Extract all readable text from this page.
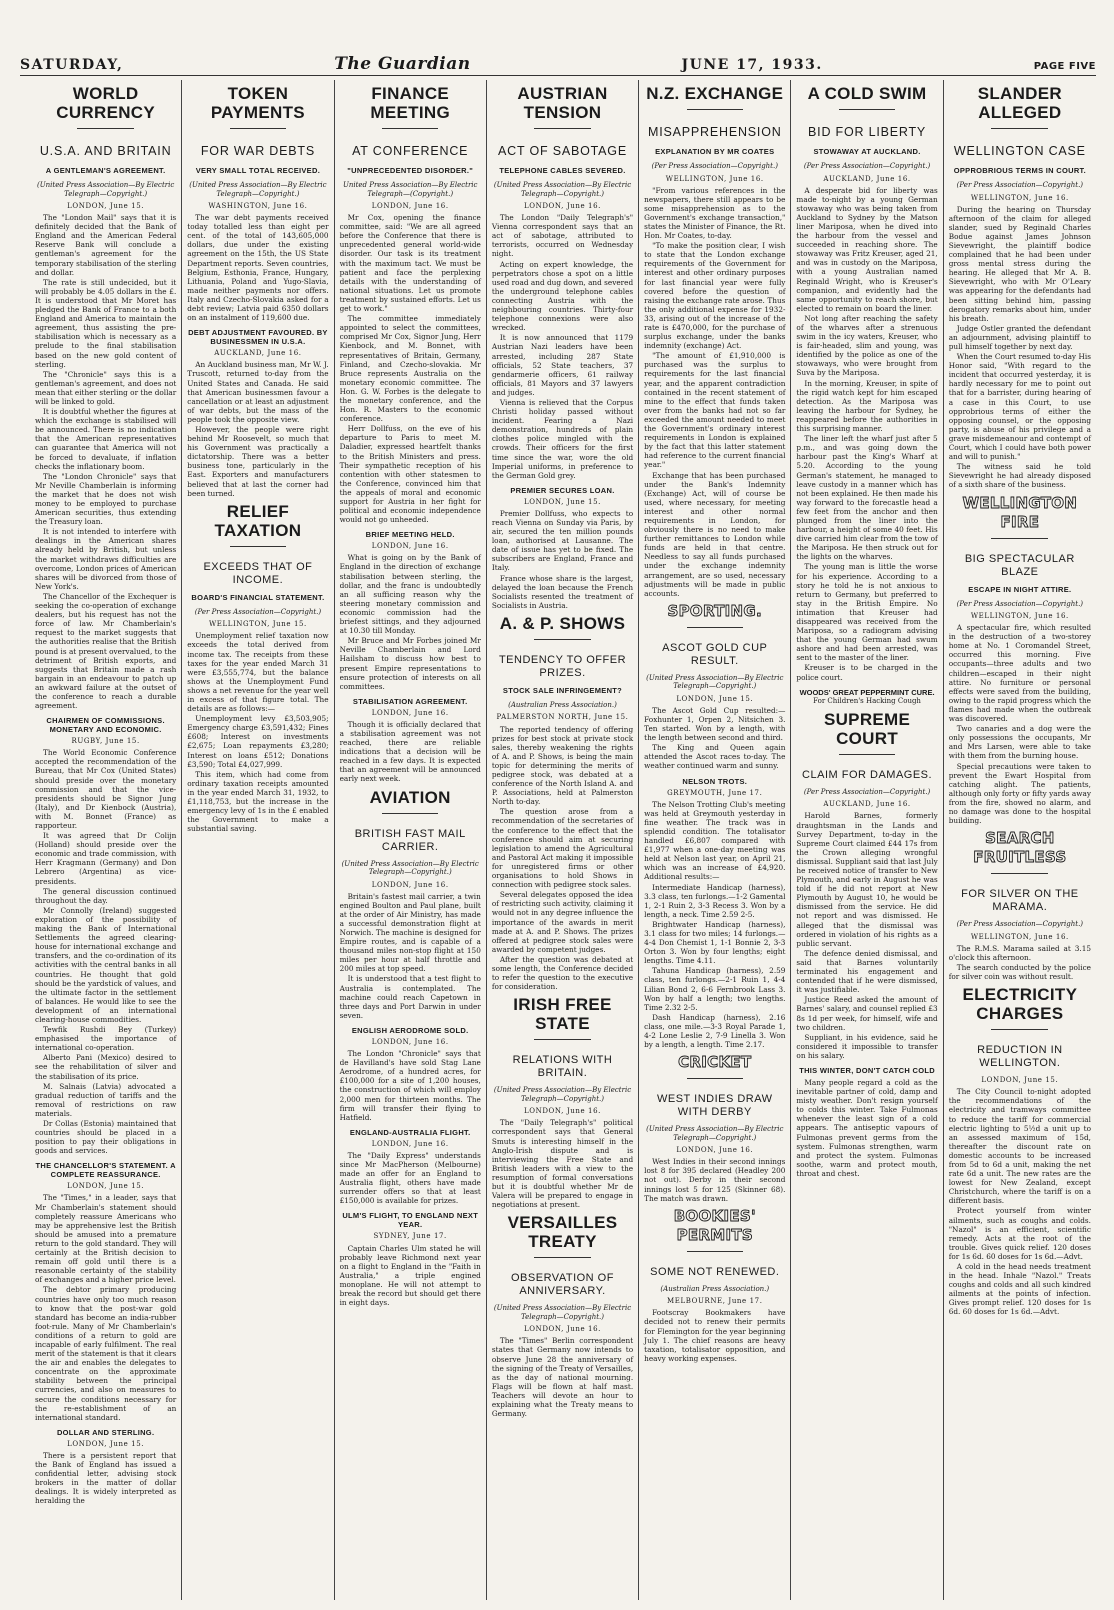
SATURDAY,	The Guardian	JUNE 17, 1933.	PAGE FIVE
WORLD CURRENCY
U.S.A. AND BRITAIN
A GENTLEMAN'S AGREEMENT.
(United Press Association—By Electric Telegraph—Copyright.)
LONDON, June 15.

The "London Mail" says that it is definitely decided that the Bank of England and the American Federal Reserve Bank will conclude a gentleman's agreement for the temporary stabilisation of the sterling and dollar.

The rate is still undecided, but it will probably be 4.05 dollars in the £. It is understood that Mr Moret has pledged the Bank of France to a both England and America to maintain the agreement, thus assisting the pre-stabilisation which is necessary as a prelude to the final stabilisation based on the new gold content of sterling.

The "Chronicle" says this is a gentleman's agreement, and does not mean that either sterling or the dollar will be linked to gold.

It is doubtful whether the figures at which the exchange is stabilised will be announced. There is no indication that the American representatives can guarantee that America will not be forced to devaluate, if inflation checks the inflationary boom.

The "London Chronicle" says that Mr Neville Chamberlain is informing the market that he does not wish money to be employed to purchase American securities, thus extending the Treasury loan.

It is not intended to interfere with dealings in the American shares already held by British, but unless the market withdraws difficulties are overcome, London prices of American shares will be divorced from those of New York's.

The Chancellor of the Exchequer is seeking the co-operation of exchange dealers, but his request has not the force of law. Mr Chamberlain's request to the market suggests that the authorities realise that the British pound is at present overvalued, to the detriment of British exports, and suggests that Britain made a rash bargain in an endeavour to patch up an awkward failure at the outset of the conference to reach a durable agreement.

CHAIRMEN OF COMMISSIONS. MONETARY AND ECONOMIC.
RUGBY, June 15.

The World Economic Conference accepted the recommendation of the Bureau, that Mr Cox (United States) should preside over the monetary commission and that the vice-presidents should be Signor Jung (Italy), and Dr Kienbock (Austria), with M. Bonnet (France) as rapporteur.

It was agreed that Dr Colijn (Holland) should preside over the economic and trade commission, with Herr Kragmann (Germany) and Don Lebrero (Argentina) as vice-presidents.

The general discussion continued throughout the day.

Mr Connolly (Ireland) suggested exploration of the possibility of making the Bank of International Settlements the agreed clearing-house for international exchange and transfers, and the co-ordination of its activities with the central banks in all countries. He thought that gold should be the yardstick of values, and the ultimate factor in the settlement of balances. He would like to see the development of an international clearing-house commodities.

Tewfik Rushdi Bey (Turkey) emphasised the importance of international co-operation.

Alberto Pani (Mexico) desired to see the rehabilitation of silver and the stabilisation of its price.

M. Salnais (Latvia) advocated a gradual reduction of tariffs and the removal of restrictions on raw materials.

Dr Collas (Estonia) maintained that countries should be placed in a position to pay their obligations in goods and services.

THE CHANCELLOR'S STATEMENT. A COMPLETE REASSURANCE.
LONDON, June 15.

The "Times," in a leader, says that Mr Chamberlain's statement should completely reassure Americans who may be apprehensive lest the British should be amused into a premature return to the gold standard. They will certainly at the British decision to remain off gold until there is a reasonable certainty of the stability of exchanges and a higher price level.

The debtor primary producing countries have only too much reason to know that the post-war gold standard has become an india-rubber foot-rule. Many of Mr Chamberlain's conditions of a return to gold are incapable of early fulfilment. The real merit of the statement is that it clears the air and enables the delegates to concentrate on the approximate stability between the principal currencies, and also on measures to secure the conditions necessary for the re-establishment of an international standard.

DOLLAR AND STERLING.
LONDON, June 15.

There is a persistent report that the Bank of England has issued a confidential letter, advising stock brokers in the matter of dollar dealings. It is widely interpreted as heralding the

TOKEN PAYMENTS
FOR WAR DEBTS
VERY SMALL TOTAL RECEIVED.
(United Press Association—By Electric Telegraph—Copyright.)
WASHINGTON, June 16.

The war debt payments received today totalled less than eight per cent. of the total of 143,605,000 dollars, due under the existing agreement on the 15th, the US State Department reports. Seven countries, Belgium, Esthonia, France, Hungary, Lithuania, Poland and Yugo-Slavia, made neither payments nor offers. Italy and Czecho-Slovakia asked for a debt review; Latvia paid 6350 dollars on an instalment of 119,600 due.

DEBT ADJUSTMENT FAVOURED. BY BUSINESSMEN IN U.S.A.
AUCKLAND, June 16.

An Auckland business man, Mr W. J. Truscott, returned to-day from the United States and Canada. He said that American businessmen favour a cancellation or at least an adjustment of war debts, but the mass of the people took the opposite view.

However, the people were right behind Mr Roosevelt, so much that his Government was practically a dictatorship. There was a better business tone, particularly in the East. Exporters and manufacturers believed that at last the corner had been turned.

RELIEF TAXATION
EXCEEDS THAT OF INCOME.
BOARD'S FINANCIAL STATEMENT.
(Per Press Association—Copyright.)
WELLINGTON, June 15.

Unemployment relief taxation now exceeds the total derived from income tax. The receipts from these taxes for the year ended March 31 were £3,555,774, but the balance shows at the Unemployment Fund shows a net revenue for the year well in excess of that figure total. The details are as follows:—

Unemployment levy £3,503,905; Emergency charge £3,591,432; Fines £608; Interest on investments £2,675; Loan repayments £3,280; Interest on loans £512; Donations £3,590; Total £4,027,999.

This item, which had come from ordinary taxation receipts amounted in the year ended March 31, 1932, to £1,118,753, but the increase in the emergency levy of 1s in the £ enabled the Government to make a substantial saving.

FINANCE MEETING
AT CONFERENCE
"UNPRECEDENTED DISORDER."
United Press Association—By Electric Telegraph—(Copyright.)
LONDON, June 16.

Mr Cox, opening the finance committee, said: "We are all agreed before the Conference that there is unprecedented general world-wide disorder. Our task is its treatment with the maximum tact. We must be patient and face the perplexing details with the understanding of national situations. Let us promote treatment by sustained efforts. Let us get to work."

The committee immediately appointed to select the committees, comprised Mr Cox, Signor Jung, Herr Kienbock, and M. Bonnet, with representatives of Britain, Germany, Finland, and Czecho-slovakia. Mr Bruce represents Australia on the monetary economic committee. The Hon. G. W. Forbes is the delegate to the monetary conference, and the Hon. R. Masters to the economic conference.

Herr Dollfuss, on the eve of his departure to Paris to meet M. Daladier, expressed heartfelt thanks to the British Ministers and press. Their sympathetic reception of his contention with other statesmen to the Conference, convinced him that the appeals of moral and economic support for Austria in her fight for political and economic independence would not go unheeded.

BRIEF MEETING HELD.
LONDON, June 16.

What is going on by the Bank of England in the direction of exchange stabilisation between sterling, the dollar, and the franc is undoubtedly an all sufficing reason why the steering monetary commission and economic commission had the briefest sittings, and they adjourned at 10.30 till Monday.

Mr Bruce and Mr Forbes joined Mr Neville Chamberlain and Lord Hailsham to discuss how best to present Empire representations to ensure protection of interests on all committees.

STABILISATION AGREEMENT.
LONDON, June 16.

Though it is officially declared that a stabilisation agreement was not reached, there are reliable indications that a decision will be reached in a few days. It is expected that an agreement will be announced early next week.

AVIATION
BRITISH FAST MAIL CARRIER.
(United Press Association—By Electric Telegraph—Copyright.)
LONDON, June 16.

Britain's fastest mail carrier, a twin engined Boulton and Paul plane, built at the order of Air Ministry, has made a successful demonstration flight at Norwich. The machine is designed for Empire routes, and is capable of a thousand miles non-stop flight at 150 miles per hour at half throttle and 200 miles at top speed.

It is understood that a test flight to Australia is contemplated. The machine could reach Capetown in three days and Port Darwin in under seven.

ENGLISH AERODROME SOLD.
LONDON, June 16.

The London "Chronicle" says that de Havilland's have sold Stag Lane Aerodrome, of a hundred acres, for £100,000 for a site of 1,200 houses, the construction of which will employ 2,000 men for thirteen months. The firm will transfer their flying to Hatfield.

ENGLAND-AUSTRALIA FLIGHT.
LONDON, June 16.

The "Daily Express" understands since Mr MacPherson (Melbourne) made an offer for an England to Australia flight, others have made surrender offers so that at least £150,000 is available for prizes.

ULM'S FLIGHT, TO ENGLAND NEXT YEAR.
SYDNEY, June 17.

Captain Charles Ulm stated he will probably leave Richmond next year on a flight to England in the "Faith in Australia," a triple engined monoplane. He will not attempt to break the record but should get there in eight days.

AUSTRIAN TENSION
ACT OF SABOTAGE
TELEPHONE CABLES SEVERED.
(United Press Association—By Electric Telegraph—Copyright.)
LONDON, June 16.

The London "Daily Telegraph's" Vienna correspondent says that an act of sabotage, attributed to terrorists, occurred on Wednesday night.

Acting on expert knowledge, the perpetrators chose a spot on a little used road and dug down, and severed the underground telephone cables connecting Austria with the neighbouring countries. Thirty-four telephone connexions were also wrecked.

It is now announced that 1179 Austrian Nazi leaders have been arrested, including 287 State officials, 52 State teachers, 37 gendarmerie officers, 61 railway officials, 81 Mayors and 37 lawyers and judges.

Vienna is relieved that the Corpus Christi holiday passed without incident. Fearing a Nazi demonstration, hundreds of plain clothes police mingled with the crowds. Their officers for the first time since the war, wore the old Imperial uniforms, in preference to the German Gold grey.

PREMIER SECURES LOAN.
LONDON, June 15.

Premier Dollfuss, who expects to reach Vienna on Sunday via Paris, by air, secured the ten million pounds loan, authorised at Lausanne. The date of issue has yet to be fixed. The subscribers are England, France and Italy.

France whose share is the largest, delayed the loan because the French Socialists resented the treatment of Socialists in Austria.

A. & P. SHOWS
TENDENCY TO OFFER PRIZES.
STOCK SALE INFRINGEMENT?
(Australian Press Association.)
PALMERSTON NORTH, June 15.

The reported tendency of offering prizes for best stock at private stock sales, thereby weakening the rights of A. and P. Shows, is being the main topic for determining the merits of pedigree stock, was debated at a conference of the North Island A. and P. Associations, held at Palmerston North to-day.

The question arose from a recommendation of the secretaries of the conference to the effect that the conference should aim at securing legislation to amend the Agricultural and Pastoral Act making it impossible for unregistered firms or other organisations to hold Shows in connection with pedigree stock sales.

Several delegates opposed the idea of restricting such activity, claiming it would not in any degree influence the importance of the awards in merit made at A. and P. Shows. The prizes offered at pedigree stock sales were awarded by competent judges.

After the question was debated at some length, the Conference decided to refer the question to the executive for consideration.

IRISH FREE STATE
RELATIONS WITH BRITAIN.
(United Press Association—By Electric Telegraph—Copyright.)
LONDON, June 16.

The "Daily Telegraph's" political correspondent says that General Smuts is interesting himself in the Anglo-Irish dispute and is interviewing the Free State and British leaders with a view to the resumption of formal conversations but it is doubtful whether Mr de Valera will be prepared to engage in negotiations at present.

VERSAILLES TREATY
OBSERVATION OF ANNIVERSARY.
(United Press Association—By Electric Telegraph—Copyright.)
LONDON, June 16.

The "Times" Berlin correspondent states that Germany now intends to observe June 28 the anniversary of the signing of the Treaty of Versailles, as the day of national mourning. Flags will be flown at half mast. Teachers will devote an hour to explaining what the Treaty means to Germany.

N.Z. EXCHANGE
MISAPPREHENSION
EXPLANATION BY MR COATES
(Per Press Association—Copyright.)
WELLINGTON, June 16.

"From various references in the newspapers, there still appears to be some misapprehension as to the Government's exchange transaction," states the Minister of Finance, the Rt. Hon. Mr Coates, to-day.

"To make the position clear, I wish to state that the London exchange requirements of the Government for interest and other ordinary purposes for last financial year were fully covered before the question of raising the exchange rate arose. Thus the only additional expense for 1932-33, arising out of the increase of the rate is £470,000, for the purchase of surplus exchange, under the banks indemnity (exchange) Act.

"The amount of £1,910,000 is purchased was the surplus to requirements for the last financial year, and the apparent contradiction contained in the recent statement of mine to the effect that funds taken over from the banks had not so far exceeded the amount needed to meet the Government's ordinary interest requirements in London is explained by the fact that this latter statement had reference to the current financial year."

Exchange that has been purchased under the Bank's Indemnity (Exchange) Act, will of course be used, where necessary, for meeting interest and other normal requirements in London, for obviously there is no need to make further remittances to London while funds are held in that centre. Needless to say all funds purchased under the exchange indemnity arrangement, are so used, necessary adjustments will be made in public accounts.

SPORTING.
ASCOT GOLD CUP RESULT.
(United Press Association—By Electric Telegraph—Copyright.)
LONDON, June 15.

The Ascot Gold Cup resulted:—Foxhunter 1, Orpen 2, Nitsichen 3. Ten started. Won by a length, with the length between second and third.

The King and Queen again attended the Ascot races to-day. The weather continued warm and sunny.

NELSON TROTS.
GREYMOUTH, June 17.

The Nelson Trotting Club's meeting was held at Greymouth yesterday in fine weather. The track was in splendid condition. The totalisator handled £6,807 compared with £1,977 when a one-day meeting was held at Nelson last year, on April 21, which was an increase of £4,920. Additional results:—

Intermediate Handicap (harness), 3.3 class, ten furlongs.—1-2 Gamental 1, 2-1 Ruin 2, 3-3 Recess 3. Won by a length, a neck. Time 2.59 2-5.

Brightwater Handicap (harness), 3.1 class for two miles; 14 furlongs.—4-4 Don Chemist 1, 1-1 Bonnie 2, 3-3 Orton 3. Won by four lengths; eight lengths. Time 4.11.

Tahuna Handicap (harness), 2.59 class, ten furlongs.—2-1 Ruin 1, 4-4 Lilian Bond 2, 6-6 Fernbrook Lass 3. Won by half a length; two lengths. Time 2.32 2-5.

Dash Handicap (harness), 2.16 class, one mile.—3-3 Royal Parade 1, 4-2 Lone Leslie 2, 7-9 Linella 3. Won by a length, a length. Time 2.17.

CRICKET
WEST INDIES DRAW WITH DERBY
(United Press Association—By Electric Telegraph—Copyright.)
LONDON, June 16.

West Indies in their second innings lost 8 for 395 declared (Headley 200 not out). Derby in their second innings lost 5 for 125 (Skinner 68). The match was drawn.

BOOKIES' PERMITS
SOME NOT RENEWED.
(Australian Press Association.)
MELBOURNE, June 17.

Footscray Bookmakers have decided not to renew their permits for Flemington for the year beginning July 1. The chief reasons are heavy taxation, totalisator opposition, and heavy working expenses.

A COLD SWIM
BID FOR LIBERTY
STOWAWAY AT AUCKLAND.
(Per Press Association—Copyright.)
AUCKLAND, June 16.

A desperate bid for liberty was made to-night by a young German stowaway who was being taken from Auckland to Sydney by the Matson liner Mariposa, when he dived into the harbour from the vessel and succeeded in reaching shore. The stowaway was Fritz Kreuser, aged 21, and was in custody on the Mariposa, with a young Australian named Reginald Wright, who is Kreuser's companion, and evidently had the same opportunity to reach shore, but elected to remain on board the liner.

Not long after reaching the safety of the wharves after a strenuous swim in the icy waters, Kreuser, who is fair-headed, slim and young, was identified by the police as one of the stowaways, who were brought from Suva by the Mariposa.

In the morning, Kreuser, in spite of the rigid watch kept for him escaped detection. As the Mariposa was leaving the harbour for Sydney, he reappeared before the authorities in this surprising manner.

The liner left the wharf just after 5 p.m., and was going down the harbour past the King's Wharf at 5.20. According to the young German's statement, he managed to leave custody in a manner which has not been explained. He then made his way forward to the forecastle head a few feet from the anchor and then plunged from the liner into the harbour, a height of some 40 feet. His dive carried him clear from the tow of the Mariposa. He then struck out for the lights on the wharves.

The young man is little the worse for his experience. According to a story he told he is not anxious to return to Germany, but preferred to stay in the British Empire. No intimation that Kreuser had disappeared was received from the Mariposa, so a radiogram advising that the young German had swum ashore and had been arrested, was sent to the master of the liner.

Kreuser is to be charged in the police court.

WOODS' GREAT PEPPERMINT CURE.
For Children's Hacking Cough
SUPREME COURT
CLAIM FOR DAMAGES.
(Per Press Association—Copyright.)
AUCKLAND, June 16.

Harold Barnes, formerly draughtsman in the Lands and Survey Department, to-day in the Supreme Court claimed £44 17s from the Crown alleging wrongful dismissal. Suppliant said that last July he received notice of transfer to New Plymouth, and early in August he was told if he did not report at New Plymouth by August 10, he would be dismissed from the service. He did not report and was dismissed. He alleged that the dismissal was ordered in violation of his rights as a public servant.

The defence denied dismissal, and said that Barnes voluntarily terminated his engagement and contended that if he were dismissed, it was justifiable.

Justice Reed asked the amount of Barnes' salary, and counsel replied £3 8s 1d per week, for himself, wife and two children.

Suppliant, in his evidence, said he considered it impossible to transfer on his salary.

THIS WINTER, DON'T CATCH COLD

Many people regard a cold as the inevitable partner of cold, damp and misty weather. Don't resign yourself to colds this winter. Take Fulmonas whenever the least sign of a cold appears. The antiseptic vapours of Fulmonas prevent germs from the system. Fulmonas strengthen, warm and protect the system. Fulmonas soothe, warm and protect mouth, throat and chest.

SLANDER ALLEGED
WELLINGTON CASE
OPPROBRIOUS TERMS IN COURT.
(Per Press Association—Copyright.)
WELLINGTON, June 16.

During the hearing on Thursday afternoon of the claim for alleged slander, sued by Reginald Charles Bodue against James Johnson Sievewright, the plaintiff bodice complained that he had been under gross mental stress during the hearing. He alleged that Mr A. B. Sievewright, who with Mr O'Leary was appearing for the defendants had been sitting behind him, passing derogatory remarks about him, under his breath.

Judge Ostler granted the defendant an adjournment, advising plaintiff to pull himself together by next day.

When the Court resumed to-day His Honor said, "With regard to the incident that occurred yesterday, it is hardly necessary for me to point out that for a barrister, during hearing of a case in this Court, to use opprobrious terms of either the opposing counsel, or the opposing party, is abuse of his privilege and a grave misdemeanour and contempt of Court, which I could have both power and will to punish."

The witness said he told Sievewright he had already disposed of a sixth share of the business.

WELLINGTON FIRE
BIG SPECTACULAR BLAZE
ESCAPE IN NIGHT ATTIRE.
(Per Press Association—Copyright.)
WELLINGTON, June 16.

A spectacular fire, which resulted in the destruction of a two-storey home at No. 1 Coromandel Street, occurred this morning. Five occupants—three adults and two children—escaped in their night attire. No furniture or personal effects were saved from the building, owing to the rapid progress which the flames had made when the outbreak was discovered.

Two canaries and a dog were the only possessions the occupants, Mr and Mrs Larsen, were able to take with them from the burning house.

Special precautions were taken to prevent the Ewart Hospital from catching alight. The patients, although only forty or fifty yards away from the fire, showed no alarm, and no damage was done to the hospital building.

SEARCH FRUITLESS
FOR SILVER ON THE MARAMA.
(Per Press Association—Copyright.)
WELLINGTON, June 16.

The R.M.S. Marama sailed at 3.15 o'clock this afternoon.

The search conducted by the police for silver coin was without result.

ELECTRICITY CHARGES
REDUCTION IN WELLINGTON.
LONDON, June 15.

The City Council to-night adopted the recommendations of the electricity and tramways committee to reduce the tariff for commercial electric lighting to 5½d a unit up to an assessed maximum of 15d, thereafter the discount rate on domestic accounts to be increased from 5d to 6d a unit, making the net rate 6d a unit. The new rates are the lowest for New Zealand, except Christchurch, where the tariff is on a different basis.

Protect yourself from winter ailments, such as coughs and colds. "Nazol" is an efficient, scientific remedy. Acts at the root of the trouble. Gives quick relief. 120 doses for 1s 6d. 60 doses for 1s 6d.—Advt.

A cold in the head needs treatment in the head. Inhale "Nazol." Treats coughs and colds and all such kindred ailments at the points of infection. Gives prompt relief. 120 doses for 1s 6d. 60 doses for 1s 6d.—Advt.
